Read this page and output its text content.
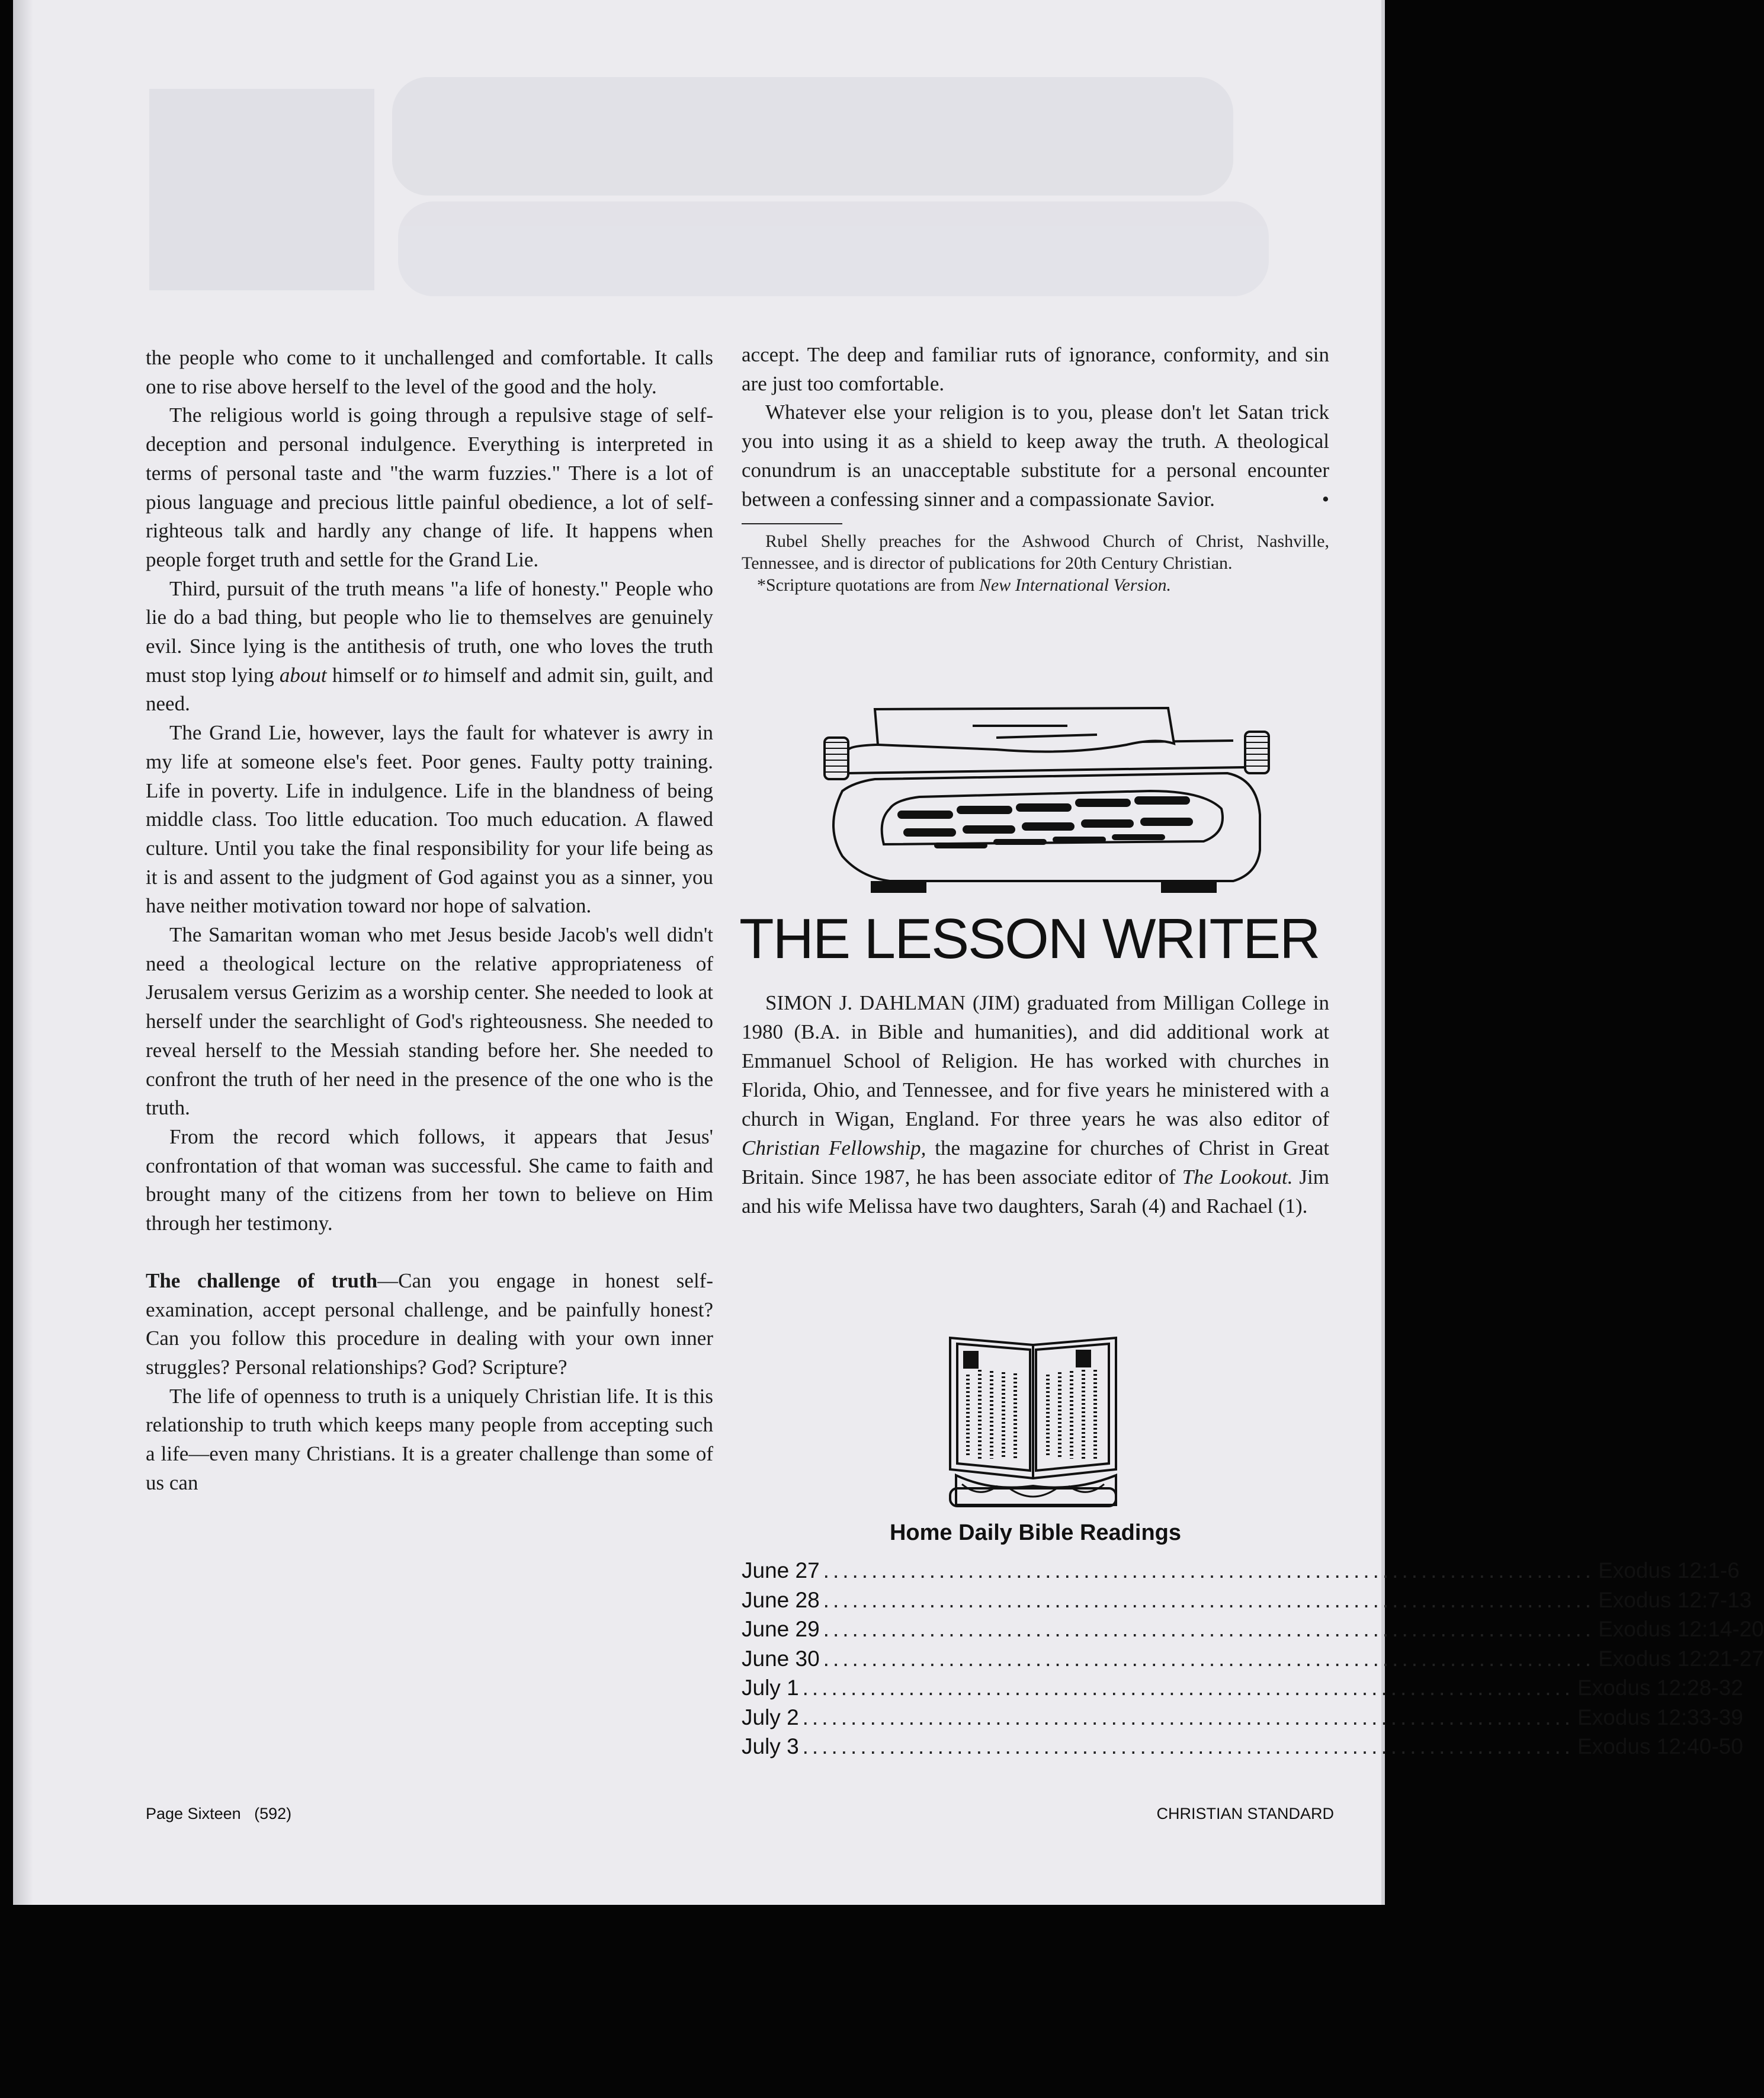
the people who come to it unchallenged and comfortable. It calls one to rise above herself to the level of the good and the holy.

The religious world is going through a repulsive stage of self-deception and personal indulgence. Everything is interpreted in terms of personal taste and "the warm fuzzies." There is a lot of pious language and precious little painful obedience, a lot of self-righteous talk and hardly any change of life. It happens when people forget truth and settle for the Grand Lie.

Third, pursuit of the truth means "a life of honesty." People who lie do a bad thing, but people who lie to themselves are genuinely evil. Since lying is the antithesis of truth, one who loves the truth must stop lying about himself or to himself and admit sin, guilt, and need.

The Grand Lie, however, lays the fault for whatever is awry in my life at someone else's feet. Poor genes. Faulty potty training. Life in poverty. Life in indulgence. Life in the blandness of being middle class. Too little education. Too much education. A flawed culture. Until you take the final responsibility for your life being as it is and assent to the judgment of God against you as a sinner, you have neither motivation toward nor hope of salvation.

The Samaritan woman who met Jesus beside Jacob's well didn't need a theological lecture on the relative appropriateness of Jerusalem versus Gerizim as a worship center. She needed to look at herself under the searchlight of God's righteousness. She needed to reveal herself to the Messiah standing before her. She needed to confront the truth of her need in the presence of the one who is the truth.

From the record which follows, it appears that Jesus' confrontation of that woman was successful. She came to faith and brought many of the citizens from her town to believe on Him through her testimony.

The challenge of truth—Can you engage in honest self-examination, accept personal challenge, and be painfully honest? Can you follow this procedure in dealing with your own inner struggles? Personal relationships? God? Scripture?

The life of openness to truth is a uniquely Christian life. It is this relationship to truth which keeps many people from accepting such a life—even many Christians. It is a greater challenge than some of us can

accept. The deep and familiar ruts of ignorance, conformity, and sin are just too comfortable.

Whatever else your religion is to you, please don't let Satan trick you into using it as a shield to keep away the truth. A theological conundrum is an unacceptable substitute for a personal encounter between a confessing sinner and a compassionate Savior.	•

Rubel Shelly preaches for the Ashwood Church of Christ, Nashville, Tennessee, and is director of publications for 20th Century Christian.

*Scripture quotations are from New International Version.

THE LESSON WRITER

SIMON J. DAHLMAN (JIM) graduated from Milligan College in 1980 (B.A. in Bible and humanities), and did additional work at Emmanuel School of Religion. He has worked with churches in Florida, Ohio, and Tennessee, and for five years he ministered with a church in Wigan, England. For three years he was also editor of Christian Fellowship, the magazine for churches of Christ in Great Britain. Since 1987, he has been associate editor of The Lookout. Jim and his wife Melissa have two daughters, Sarah (4) and Rachael (1).

Home Daily Bible Readings
June 27 ................................................................................ Exodus 12:1-6
June 28 ................................................................................ Exodus 12:7-13
June 29 ................................................................................ Exodus 12:14-20
June 30 ................................................................................ Exodus 12:21-27
July 1 ................................................................................ Exodus 12:28-32
July 2 ................................................................................ Exodus 12:33-39
July 3 ................................................................................ Exodus 12:40-50
Page Sixteen   (592)	CHRISTIAN STANDARD
